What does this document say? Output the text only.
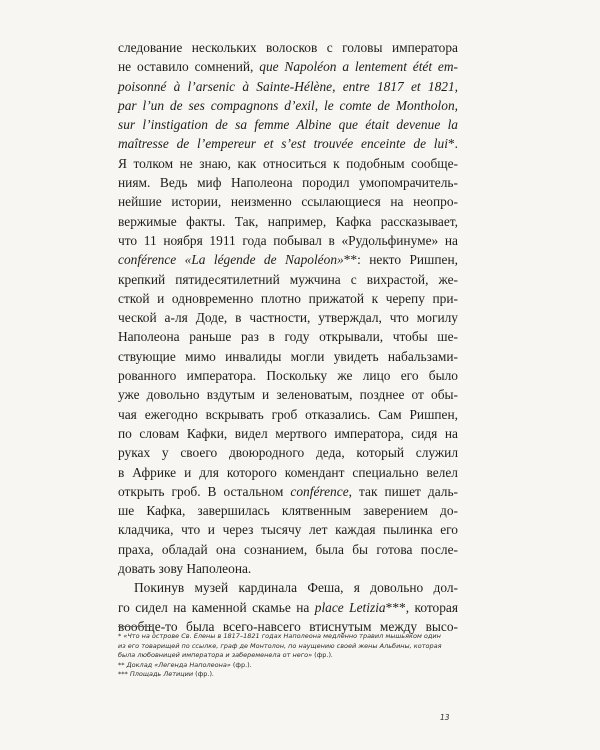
следование нескольких волосков с головы императора
не оставило сомнений, que Napoléon a lentement étét em-
poisonné à l’arsenic à Sainte-Hélène, entre 1817 et 1821,
par l’un de ses compagnons d’exil, le comte de Montholon,
sur l’instigation de sa femme Albine que était devenue la
maîtresse de l’empereur et s’est trouvée enceinte de lui*.
Я толком не знаю, как относиться к подобным сообще-
ниям. Ведь миф Наполеона породил умопомрачитель-
нейшие истории, неизменно ссылающиеся на неопро-
вержимые факты. Так, например, Кафка рассказывает,
что 11 ноября 1911 года побывал в «Рудольфинуме» на
conférence «La légende de Napoléon»**: некто Ришпен,
крепкий пятидесятилетний мужчина с вихрастой, же-
сткой и одновременно плотно прижатой к черепу при-
ческой а-ля Доде, в частности, утверждал, что могилу
Наполеона раньше раз в году открывали, чтобы ше-
ствующие мимо инвалиды могли увидеть набальзами-
рованного императора. Поскольку же лицо его было
уже довольно вздутым и зеленоватым, позднее от обы-
чая ежегодно вскрывать гроб отказались. Сам Ришпен,
по словам Кафки, видел мертвого императора, сидя на
руках у своего двоюродного деда, который служил
в Африке и для которого комендант специально велел
открыть гроб. В остальном conférence, так пишет даль-
ше Кафка, завершилась клятвенным заверением до-
кладчика, что и через тысячу лет каждая пылинка его
праха, обладай она сознанием, была бы готова после-
довать зову Наполеона.
Покинув музей кардинала Феша, я довольно дол-
го сидел на каменной скамье на place Letizia***, которая
вообще-то была всего-навсего втиснутым между высо-
* «Что на острове Св. Елены в 1817–1821 годах Наполеона медленно травил мышьяком один
из его товарищей по ссылке, граф де Монтолон, по наущению своей жены Альбины, которая
была любовницей императора и забеременела от него» (фр.).
** Доклад «Легенда Наполеона» (фр.).
*** Площадь Летиции (фр.).
13
